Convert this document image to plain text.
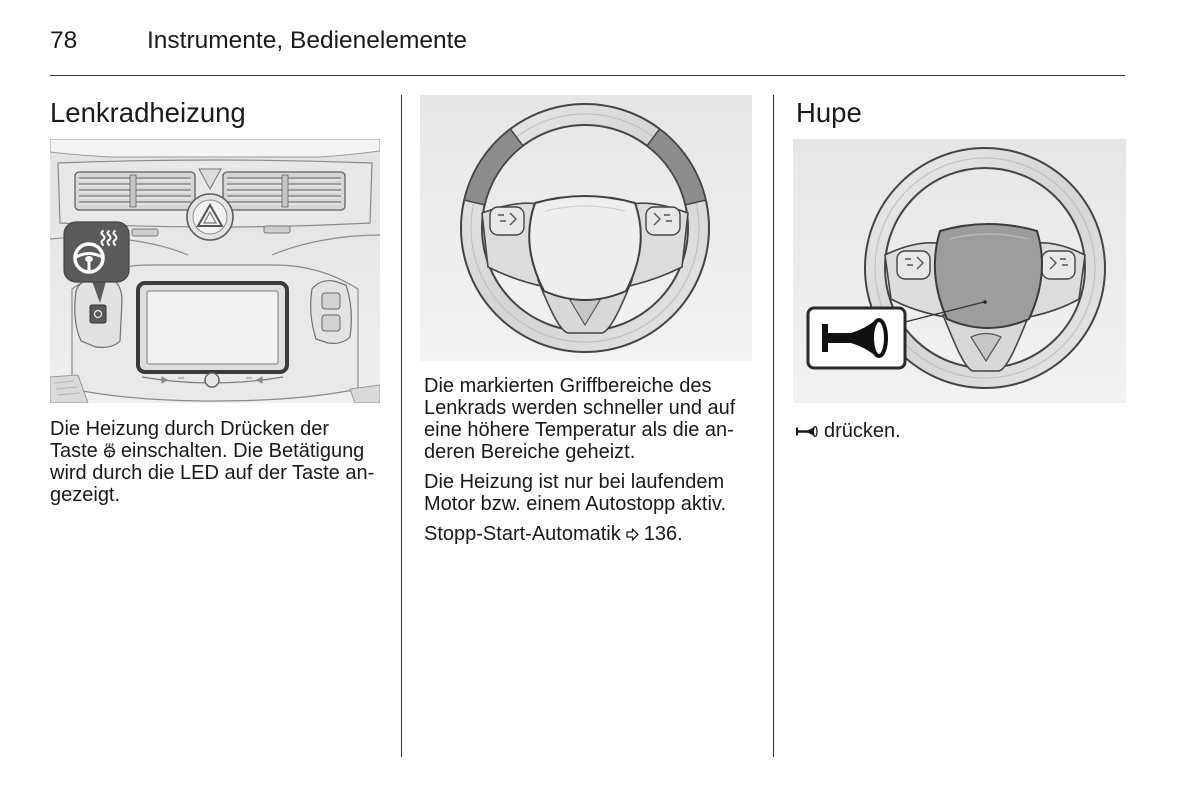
78	Instrumente, Bedienelemente
Lenkradheizung
Die Heizung durch Drücken der
Taste einschalten. Die Betätigung
wird durch die LED auf der Taste an-
gezeigt.
Die markierten Griffbereiche des
Lenkrads werden schneller und auf
eine höhere Temperatur als die an-
deren Bereiche geheizt.
Die Heizung ist nur bei laufendem
Motor bzw. einem Autostopp aktiv.
Stopp-Start-Automatik 136.
Hupe
drücken.
